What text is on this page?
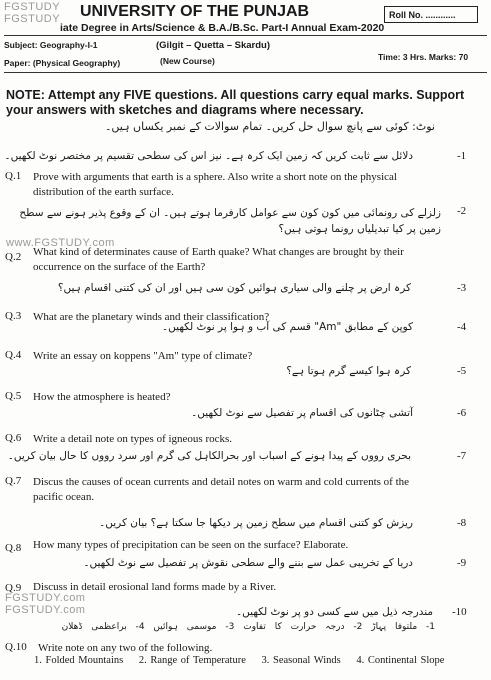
FGSTUDY
FGSTUDY
www.FGSTUDY.com
FGSTUDY.com
FGSTUDY.com
UNIVERSITY OF THE PUNJAB
iate Degree in Arts/Science & B.A./B.Sc. Part-I Annual Exam-2020
Roll No. ............
Subject: Geography-I-1	(Gilgit – Quetta – Skardu)
Time: 3 Hrs. Marks: 70
Paper: (Physical Geography)	(New Course)
NOTE: Attempt any FIVE questions. All questions carry equal marks. Support your answers with sketches and diagrams where necessary.
نوٹ: کوئی سے پانچ سوال حل کریں۔ تمام سوالات کے نمبر یکساں ہیں۔
دلائل سے ثابت کریں کہ زمین ایک کرہ ہے۔ نیز اس کی سطحی تقسیم پر مختصر نوٹ لکھیں۔	-1
Q.1 Prove with arguments that earth is a sphere. Also write a short note on the physical distribution of the earth surface.
زلزلے کی رونمائی میں کون کون سے عوامل کارفرما ہوتے ہیں۔ ان کے وقوع پذیر ہونے سے سطح زمین پر کیا تبدیلیاں رونما ہوتی ہیں؟
-2
Q.2 What kind of determinates cause of Earth quake? What changes are brought by their occurrence on the surface of the Earth?
کرہ ارض پر چلنے والی سیاری ہوائیں کون سی ہیں اور ان کی کتنی اقسام ہیں؟	-3
Q.3 What are the planetary winds and their classification?
کوپن کے مطابق "Am" قسم کی آب و ہوا پر نوٹ لکھیں۔	-4
Q.4 Write an essay on koppens "Am" type of climate?
کرہ ہوا کیسے گرم ہوتا ہے؟	-5
Q.5 How the atmosphere is heated?
آتشی چٹانوں کی اقسام پر تفصیل سے نوٹ لکھیں۔	-6
Q.6 Write a detail note on types of igneous rocks.
بحری رووں کے پیدا ہونے کے اسباب اور بحرالکاہل کی گرم اور سرد رووں کا حال بیان کریں۔	-7
Q.7 Discus the causes of ocean currents and detail notes on warm and cold currents of the pacific ocean.
ریزش کو کتنی اقسام میں سطح زمین پر دیکھا جا سکتا ہے؟ بیان کریں۔	-8
Q.8 How many types of precipitation can be seen on the surface? Elaborate.
دریا کے تخریبی عمل سے بننے والے سطحی نقوش پر تفصیل سے نوٹ لکھیں۔	-9
Q.9 Discuss in detail erosional land forms made by a River.
مندرجہ ذیل میں سے کسی دو پر نوٹ لکھیں۔ -10
1- ملتوفا پہاڑ 2- درجہ حرارت کا تفاوت 3- موسمی ہوائیں 4- براعظمی ڈھلان
Q.10 Write note on any two of the following.
1. Folded Mountains 2. Range of Temperature 3. Seasonal Winds 4. Continental Slope
